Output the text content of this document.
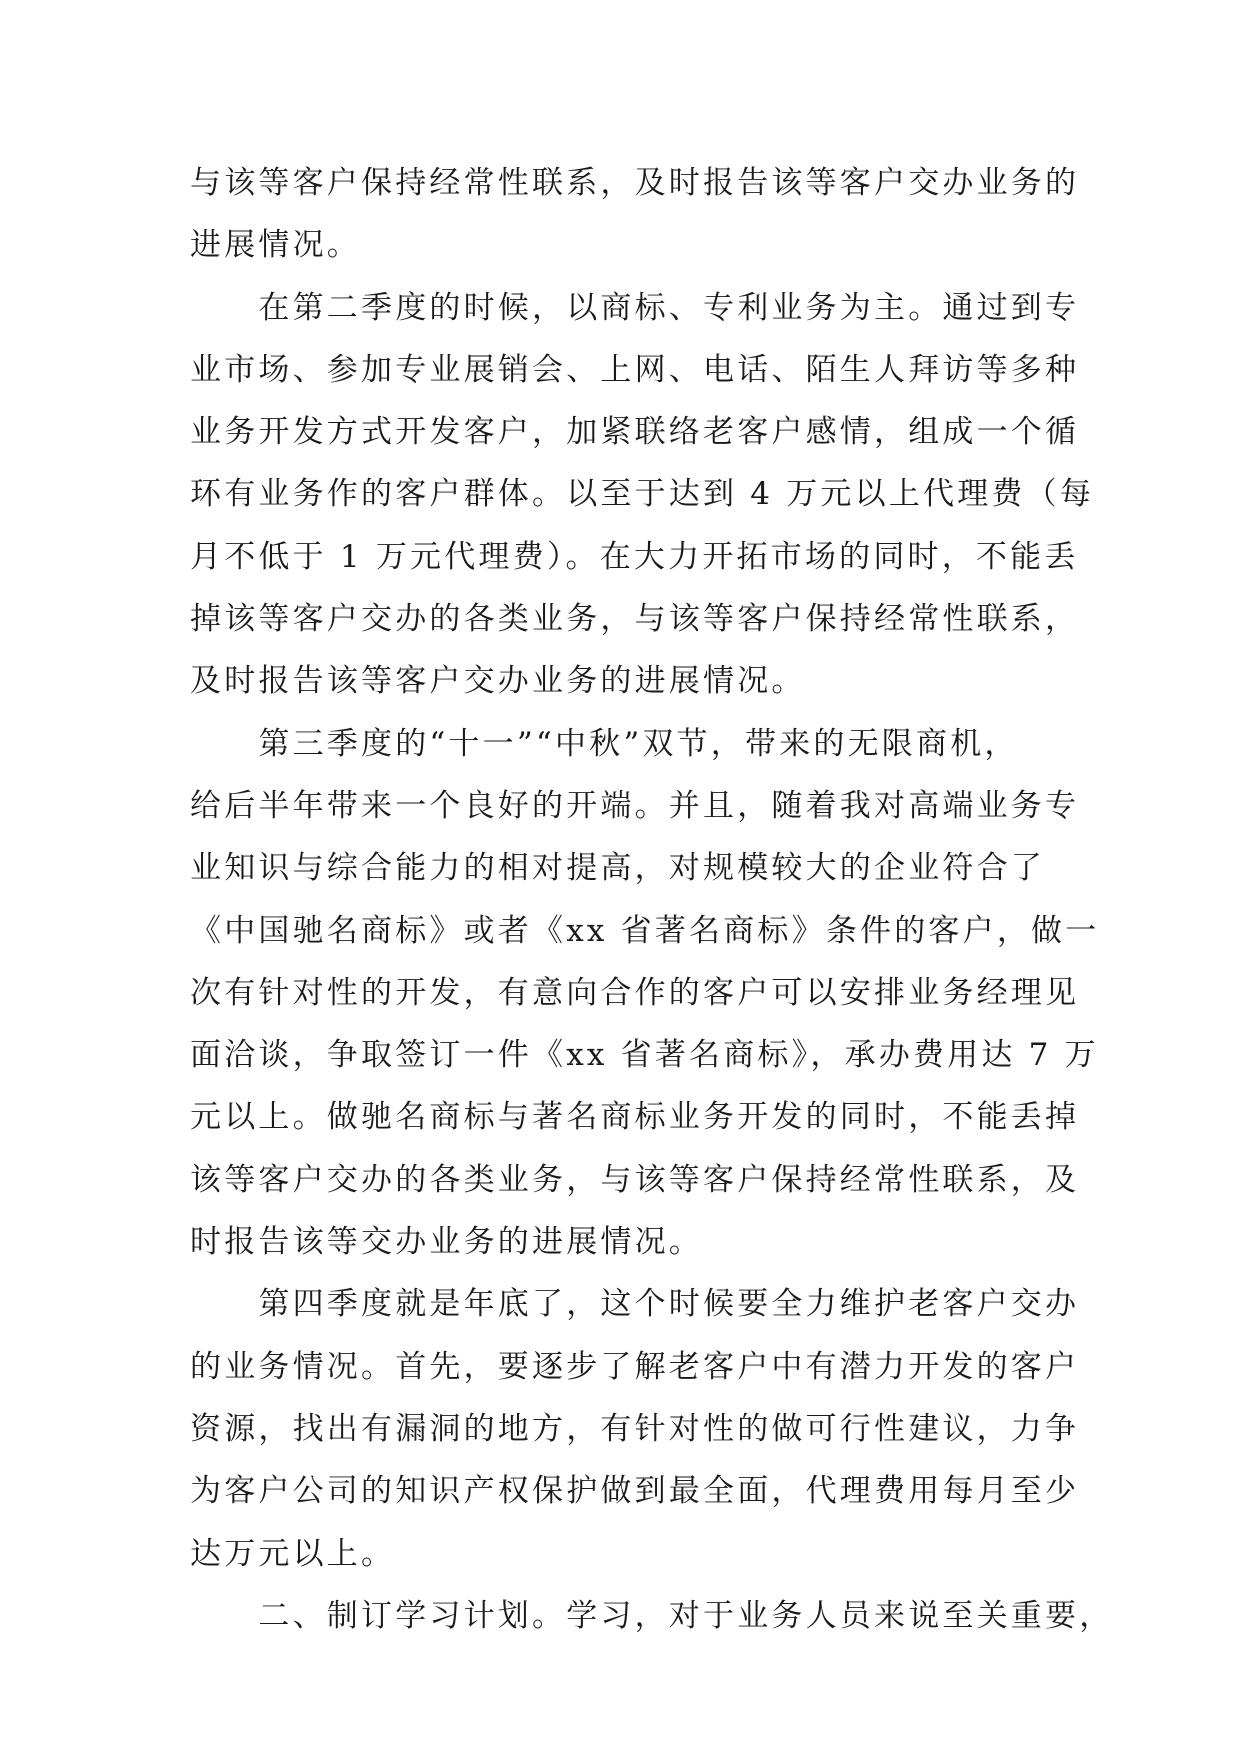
与该等客户保持经常性联系，及时报告该等客户交办业务的
进展情况。
　　在第二季度的时候，以商标、专利业务为主。通过到专
业市场、参加专业展销会、上网、电话、陌生人拜访等多种
业务开发方式开发客户，加紧联络老客户感情，组成一个循
环有业务作的客户群体。以至于达到 4 万元以上代理费（每
月不低于 1 万元代理费）。在大力开拓市场的同时，不能丢
掉该等客户交办的各类业务，与该等客户保持经常性联系，
及时报告该等客户交办业务的进展情况。
　　第三季度的“十一”“中秋”双节，带来的无限商机，
给后半年带来一个良好的开端。并且，随着我对高端业务专
业知识与综合能力的相对提高，对规模较大的企业符合了
《中国驰名商标》或者《xx 省著名商标》条件的客户，做一
次有针对性的开发，有意向合作的客户可以安排业务经理见
面洽谈，争取签订一件《xx 省著名商标》，承办费用达 7 万
元以上。做驰名商标与著名商标业务开发的同时，不能丢掉
该等客户交办的各类业务，与该等客户保持经常性联系，及
时报告该等交办业务的进展情况。
　　第四季度就是年底了，这个时候要全力维护老客户交办
的业务情况。首先，要逐步了解老客户中有潜力开发的客户
资源，找出有漏洞的地方，有针对性的做可行性建议，力争
为客户公司的知识产权保护做到最全面，代理费用每月至少
达万元以上。
　　二、制订学习计划。学习，对于业务人员来说至关重要，
